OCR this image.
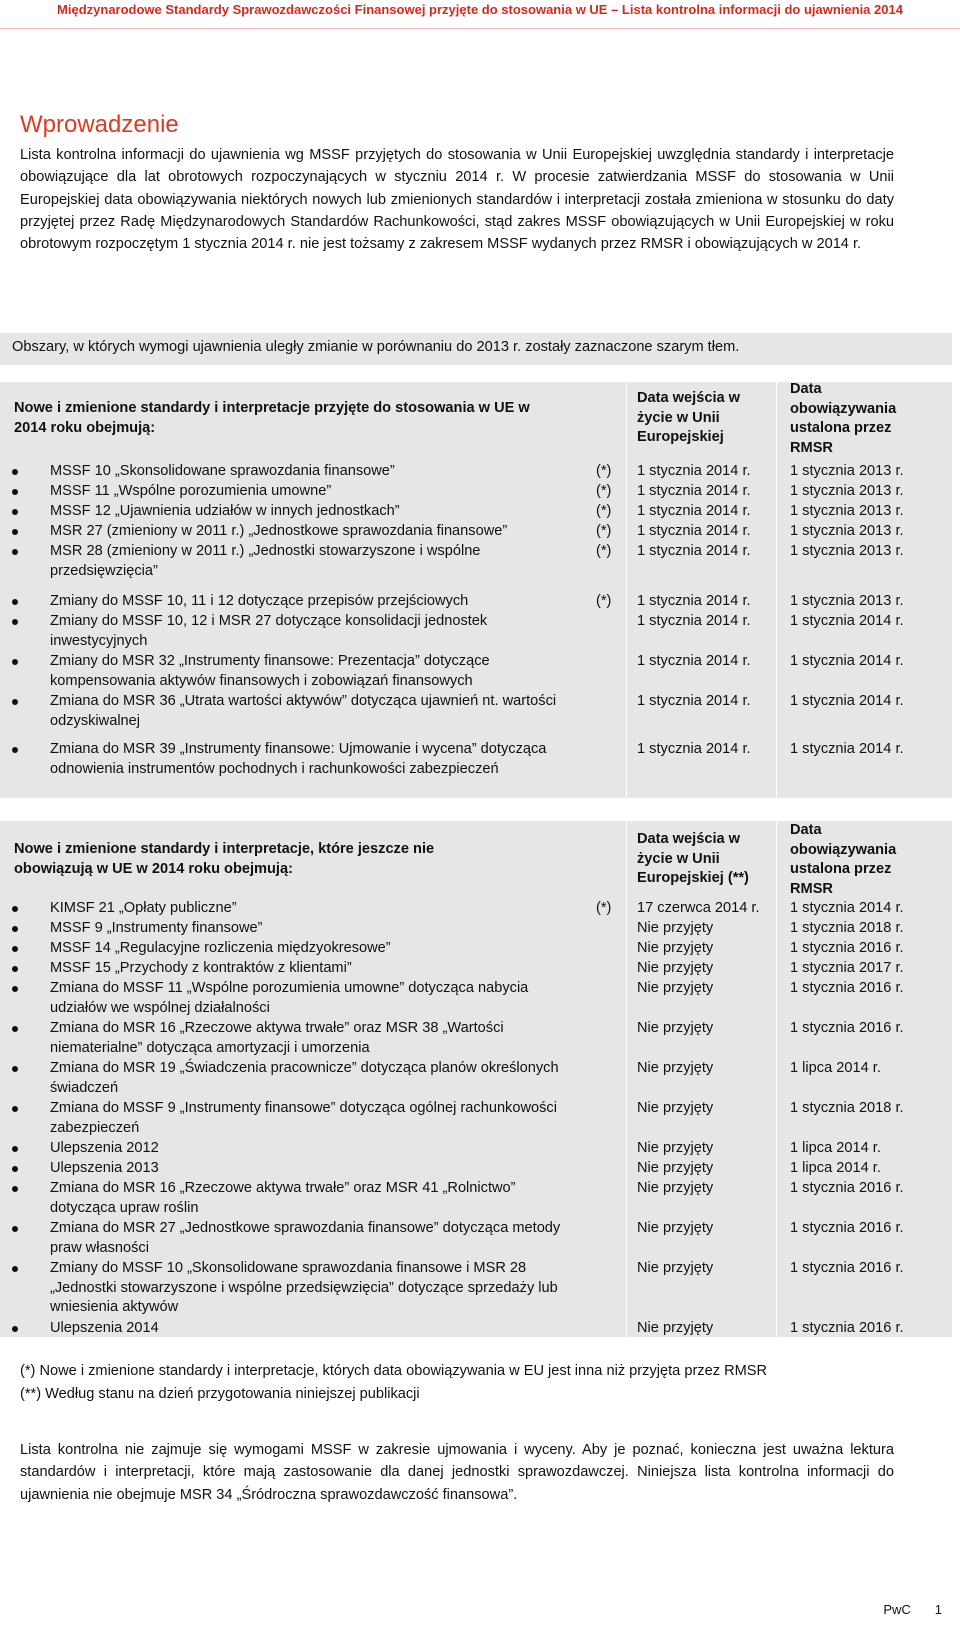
Międzynarodowe Standardy Sprawozdawczości Finansowej przyjęte do stosowania w UE – Lista kontrolna informacji do ujawnienia 2014
Wprowadzenie
Lista kontrolna informacji do ujawnienia wg MSSF przyjętych do stosowania w Unii Europejskiej uwzględnia standardy i interpretacje obowiązujące dla lat obrotowych rozpoczynających w styczniu 2014 r. W procesie zatwierdzania MSSF do stosowania w Unii Europejskiej data obowiązywania niektórych nowych lub zmienionych standardów i interpretacji została zmieniona w stosunku do daty przyjętej przez Radę Międzynarodowych Standardów Rachunkowości, stąd zakres MSSF obowiązujących w Unii Europejskiej w roku obrotowym rozpoczętym 1 stycznia 2014 r. nie jest tożsamy z zakresem MSSF wydanych przez RMSR i obowiązujących w 2014 r.
Obszary, w których wymogi ujawnienia uległy zmianie w porównaniu do 2013 r. zostały zaznaczone szarym tłem.
Nowe i zmienione standardy i interpretacje przyjęte do stosowania w UE w 2014 roku obejmują:
Data wejścia w życie w Unii Europejskiej
Data obowiązywania ustalona przez RMSR
MSSF 10 „Skonsolidowane sprawozdania finansowe”	(*) 1 stycznia 2014 r.	1 stycznia 2013 r.
MSSF 11 „Wspólne porozumienia umowne”	(*) 1 stycznia 2014 r.	1 stycznia 2013 r.
MSSF 12 „Ujawnienia udziałów w innych jednostkach”	(*) 1 stycznia 2014 r.	1 stycznia 2013 r.
MSR 27 (zmieniony w 2011 r.) „Jednostkowe sprawozdania finansowe”	(*) 1 stycznia 2014 r.	1 stycznia 2013 r.
MSR 28 (zmieniony w 2011 r.) „Jednostki stowarzyszone i wspólne przedsięwzięcia”
(*) 1 stycznia 2014 r.	1 stycznia 2013 r.
Zmiany do MSSF 10, 11 i 12 dotyczące przepisów przejściowych	(*) 1 stycznia 2014 r.	1 stycznia 2013 r.
Zmiany do MSSF 10, 12 i MSR 27 dotyczące konsolidacji jednostek inwestycyjnych
1 stycznia 2014 r.	1 stycznia 2014 r.
Zmiany do MSR 32 „Instrumenty finansowe: Prezentacja” dotyczące kompensowania aktywów finansowych i zobowiązań finansowych
1 stycznia 2014 r.	1 stycznia 2014 r.
Zmiana do MSR 36 „Utrata wartości aktywów” dotycząca ujawnień nt. wartości odzyskiwalnej
1 stycznia 2014 r.	1 stycznia 2014 r.
Zmiana do MSR 39 „Instrumenty finansowe: Ujmowanie i wycena” dotycząca odnowienia instrumentów pochodnych i rachunkowości zabezpieczeń
1 stycznia 2014 r.	1 stycznia 2014 r.
Nowe i zmienione standardy i interpretacje, które jeszcze nie obowiązują w UE w 2014 roku obejmują:
Data wejścia w życie w Unii Europejskiej (**)
Data obowiązywania ustalona przez RMSR
KIMSF 21 „Opłaty publiczne”	(*) 17 czerwca 2014 r. 1 stycznia 2014 r.
MSSF 9 „Instrumenty finansowe”	Nie przyjęty	1 stycznia 2018 r.
MSSF 14 „Regulacyjne rozliczenia międzyokresowe”	Nie przyjęty	1 stycznia 2016 r.
MSSF 15 „Przychody z kontraktów z klientami”	Nie przyjęty	1 stycznia 2017 r.
Zmiana do MSSF 11 „Wspólne porozumienia umowne” dotycząca nabycia udziałów we wspólnej działalności
Nie przyjęty	1 stycznia 2016 r.
Zmiana do MSR 16 „Rzeczowe aktywa trwałe” oraz MSR 38 „Wartości niematerialne” dotycząca amortyzacji i umorzenia
Nie przyjęty	1 stycznia 2016 r.
Zmiana do MSR 19 „Świadczenia pracownicze” dotycząca planów określonych świadczeń
Nie przyjęty	1 lipca 2014 r.
Zmiana do MSSF 9 „Instrumenty finansowe” dotycząca ogólnej rachunkowości zabezpieczeń
Nie przyjęty	1 stycznia 2018 r.
Ulepszenia 2012	Nie przyjęty	1 lipca 2014 r.
Ulepszenia 2013	Nie przyjęty	1 lipca 2014 r.
Zmiana do MSR 16 „Rzeczowe aktywa trwałe” oraz MSR 41 „Rolnictwo” dotycząca upraw roślin
Nie przyjęty	1 stycznia 2016 r.
Zmiana do MSR 27 „Jednostkowe sprawozdania finansowe” dotycząca metody praw własności
Nie przyjęty	1 stycznia 2016 r.
Zmiany do MSSF 10 „Skonsolidowane sprawozdania finansowe i MSR 28 „Jednostki stowarzyszone i wspólne przedsięwzięcia” dotyczące sprzedaży lub wniesienia aktywów
Nie przyjęty	1 stycznia 2016 r.
Ulepszenia 2014	Nie przyjęty	1 stycznia 2016 r.
(*) Nowe i zmienione standardy i interpretacje, których data obowiązywania w EU jest inna niż przyjęta przez RMSR
(**) Według stanu na dzień przygotowania niniejszej publikacji
Lista kontrolna nie zajmuje się wymogami MSSF w zakresie ujmowania i wyceny. Aby je poznać, konieczna jest uważna lektura standardów i interpretacji, które mają zastosowanie dla danej jednostki sprawozdawczej. Niniejsza lista kontrolna informacji do ujawnienia nie obejmuje MSR 34 „Śródroczna sprawozdawczość finansowa”.
PwC 1
